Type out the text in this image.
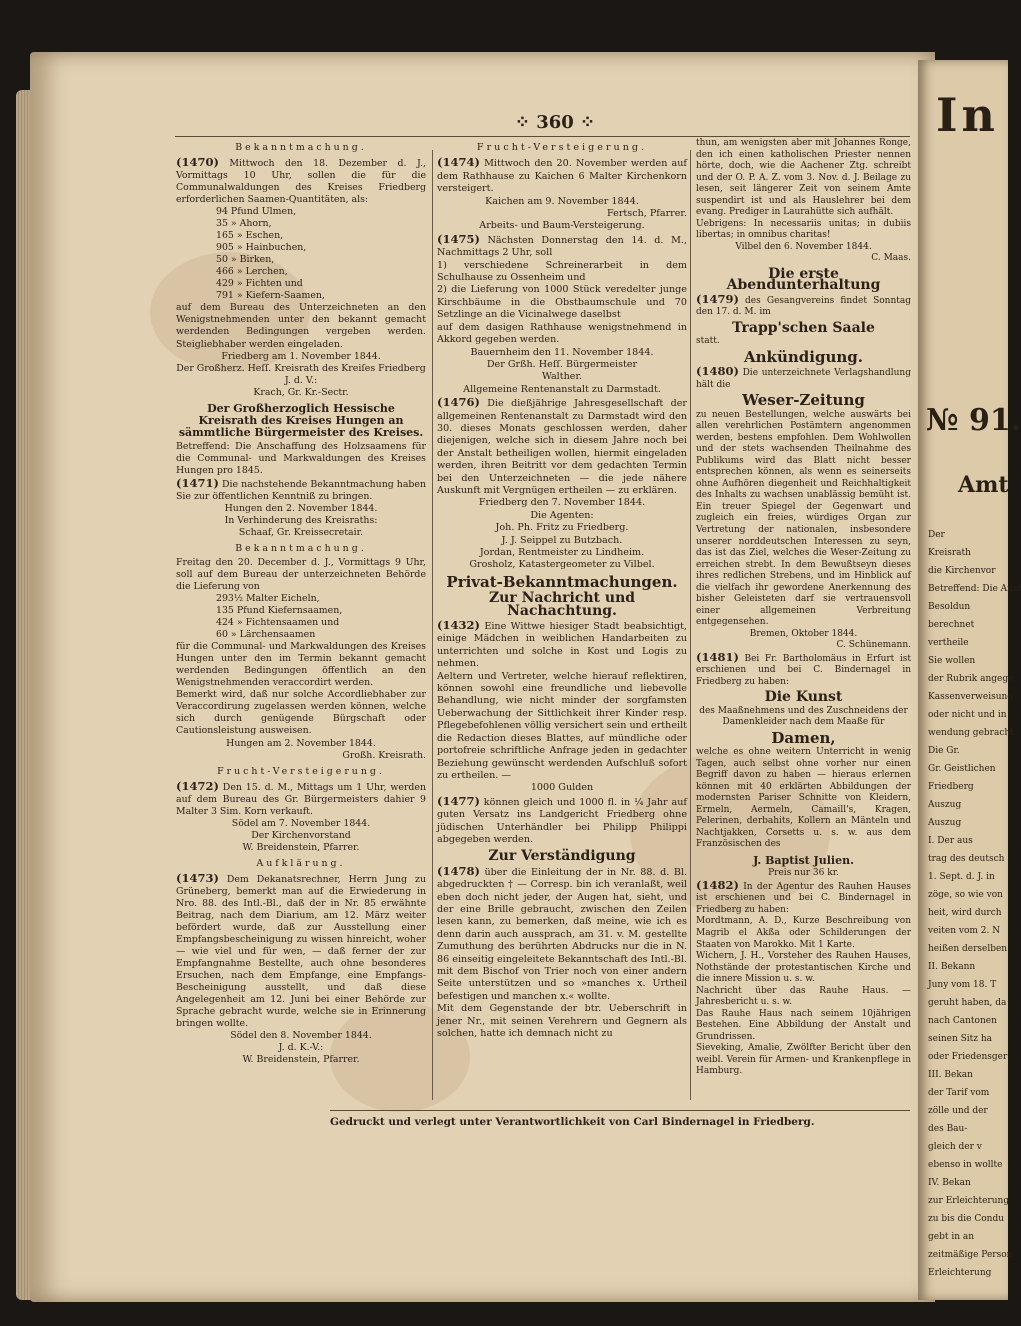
In
№ 91.
Amt
Der
Kreisrath
die Kirchenvor
Betreffend: Die Anst
Besoldun
berechnet
vertheile
Sie wollen
der Rubrik angege
Kassenverweisung
oder nicht und in
wendung gebracht
Die Gr.
Gr. Geistlichen
Friedberg
Auszug
Auszug
I. Der aus
trag des deutsch
1. Sept. d. J. in
zöge, so wie von
heit, wird durch
veiten vom 2. N
heißen derselben
II. Bekann
Juny vom 18. T
geruht haben, da
nach Cantonen
seinen Sitz ha
oder Friedensger
III. Bekan
der Tarif vom
zölle und der
des Bau-
gleich der v
ebenso in wollte
IV. Bekan
zur Erleichterung
zu bis die Condu
gebt in an
zeitmäßige Person
Erleichterung
⁘ 360 ⁘

Bekanntmachung.

(1470) Mittwoch den 18. Dezember d. J., Vormittags 10 Uhr, sollen die für die Communalwaldungen des Kreises Friedberg erforderlichen Saamen-Quantitäten, als:

94 Pfund Ulmen,

35 » Ahorn,

165 » Eschen,

905 » Hainbuchen,

50 » Birken,

466 » Lerchen,

429 » Fichten und

791 » Kiefern-Saamen,

auf dem Bureau des Unterzeichneten an den Wenigstnehmenden unter den bekannt gemacht werdenden Bedingungen vergeben werden. Steigliebhaber werden eingeladen.

Friedberg am 1. November 1844.

Der Großherz. Heſſ. Kreisrath des Kreiſes Friedberg

J. d. V.:

Krach, Gr. Kr.-Sectr.

Der Großherzoglich Hessische Kreisrath des Kreises Hungen an sämmtliche Bürgermeister des Kreises.

Betreffend: Die Anschaffung des Holzsaamens für die Communal- und Markwaldungen des Kreises Hungen pro 1845.

(1471) Die nachstehende Bekanntmachung haben Sie zur öffentlichen Kenntniß zu bringen.

Hungen den 2. November 1844.

In Verhinderung des Kreisraths:

Schaaf, Gr. Kreissecretair.

Bekanntmachung.

Freitag den 20. December d. J., Vormittags 9 Uhr, soll auf dem Bureau der unterzeichneten Behörde die Lieferung von

293½ Malter Eicheln,

135 Pfund Kiefernsaamen,

424 » Fichtensaamen und

60 » Lärchensaamen

für die Communal- und Markwaldungen des Kreises Hungen unter den im Termin bekannt gemacht werdenden Bedingungen öffentlich an den Wenigstnehmenden veraccordirt werden.

Bemerkt wird, daß nur solche Accordliebhaber zur Veraccordirung zugelassen werden können, welche sich durch genügende Bürgschaft oder Cautionsleistung ausweisen.

Hungen am 2. November 1844.

Großh. Kreisrath.

Frucht-Versteigerung.

(1472) Den 15. d. M., Mittags um 1 Uhr, werden auf dem Bureau des Gr. Bürgermeisters dahier 9 Malter 3 Sim. Korn verkauft.

Södel am 7. November 1844.

Der Kirchenvorstand

W. Breidenstein, Pfarrer.

Aufklärung.

(1473) Dem Dekanatsrechner, Herrn Jung zu Grüneberg, bemerkt man auf die Erwiederung in Nro. 88. des Intl.-Bl., daß der in Nr. 85 erwähnte Beitrag, nach dem Diarium, am 12. März weiter befördert wurde, daß zur Ausstellung einer Empfangsbescheinigung zu wissen hinreicht, woher — wie viel und für wen, — daß ferner der zur Empfangnahme Bestellte, auch ohne besonderes Ersuchen, nach dem Empfange, eine Empfangs-Bescheinigung ausstellt, und daß diese Angelegenheit am 12. Juni bei einer Behörde zur Sprache gebracht wurde, welche sie in Erinnerung bringen wollte.

Södel den 8. November 1844.

J. d. K.-V.:

W. Breidenstein, Pfarrer.

Frucht-Versteigerung.

(1474) Mittwoch den 20. November werden auf dem Rathhause zu Kaichen 6 Malter Kirchenkorn versteigert.

Kaichen am 9. November 1844.

Fertsch, Pfarrer.

Arbeits- und Baum-Versteigerung.

(1475) Nächsten Donnerstag den 14. d. M., Nachmittags 2 Uhr, soll

1) verschiedene Schreinerarbeit in dem Schulhause zu Ossenheim und

2) die Lieferung von 1000 Stück veredelter junge Kirschbäume in die Obstbaumschule und 70 Setzlinge an die Vicinalwege daselbst

auf dem dasigen Rathhause wenigstnehmend in Akkord gegeben werden.

Bauernheim den 11. November 1844.

Der Grßh. Heſſ. Bürgermeister

Walther.

Allgemeine Rentenanstalt zu Darmstadt.

(1476) Die dießjährige Jahresgesellschaft der allgemeinen Rentenanstalt zu Darmstadt wird den 30. dieses Monats geschlossen werden, daher diejenigen, welche sich in diesem Jahre noch bei der Anstalt betheiligen wollen, hiermit eingeladen werden, ihren Beitritt vor dem gedachten Termin bei den Unterzeichneten — die jede nähere Auskunft mit Vergnügen ertheilen — zu erklären.

Friedberg den 7. November 1844.

Die Agenten:

Joh. Ph. Fritz zu Friedberg.

J. J. Seippel zu Butzbach.

Jordan, Rentmeister zu Lindheim.

Grosholz, Katastergeometer zu Vilbel.

Privat-Bekanntmachungen.

Zur Nachricht und Nachachtung.

(1432) Eine Wittwe hiesiger Stadt beabsichtigt, einige Mädchen in weiblichen Handarbeiten zu unterrichten und solche in Kost und Logis zu nehmen.

Aeltern und Vertreter, welche hierauf reflektiren, können sowohl eine freundliche und liebevolle Behandlung, wie nicht minder der sorgfamsten Ueberwachung der Sittlichkeit ihrer Kinder resp. Pflegebefohlenen völlig versichert sein und ertheilt die Redaction dieses Blattes, auf mündliche oder portofreie schriftliche Anfrage jeden in gedachter Beziehung gewünscht werdenden Aufschluß sofort zu ertheilen. —

1000 Gulden

(1477) können gleich und 1000 fl. in ¼ Jahr auf guten Versatz ins Landgericht Friedberg ohne jüdischen Unterhändler bei Philipp Philippi abgegeben werden.

Zur Verständigung

(1478) über die Einleitung der in Nr. 88. d. Bl. abgedruckten † — Corresp. bin ich veranlaßt, weil eben doch nicht jeder, der Augen hat, sieht, und der eine Brille gebraucht, zwischen den Zeilen lesen kann, zu bemerken, daß meine, wie ich es denn darin auch aussprach, am 31. v. M. gestellte Zumuthung des berührten Abdrucks nur die in N. 86 einseitig eingeleitete Bekanntschaft des Intl.-Bl. mit dem Bischof von Trier noch von einer andern Seite unterstützen und so »manches x. Urtheil befestigen und manchen x.« wollte.

Mit dem Gegenstande der btr. Ueberschrift in jener Nr., mit seinen Verehrern und Gegnern als solchen, hatte ich demnach nicht zu

thun, am wenigsten aber mit Johannes Ronge, den ich einen katholischen Priester nennen hörte, doch, wie die Aachener Ztg. schreibt und der O. P. A. Z. vom 3. Nov. d. J. Beilage zu lesen, seit längerer Zeit von seinem Amte suspendirt ist und als Hauslehrer bei dem evang. Prediger in Laurahütte sich aufhält.

Uebrigens: In necessariis unitas; in dubiis libertas; in omnibus charitas!

Vilbel den 6. November 1844.

C. Maas.

Die erste Abendunterhaltung

(1479) des Gesangvereins findet Sonntag den 17. d. M. im

Trapp'schen Saale

statt.

Ankündigung.

(1480) Die unterzeichnete Verlagshandlung hält die

Weser-Zeitung

zu neuen Bestellungen, welche auswärts bei allen verehrlichen Postämtern angenommen werden, bestens empfohlen. Dem Wohlwollen und der stets wachsenden Theilnahme des Publikums wird das Blatt nicht besser entsprechen können, als wenn es seinerseits ohne Aufhören diegenheit und Reichhaltigkeit des Inhalts zu wachsen unablässig bemüht ist. Ein treuer Spiegel der Gegenwart und zugleich ein freies, würdiges Organ zur Vertretung der nationalen, insbesondere unserer norddeutschen Interessen zu seyn, das ist das Ziel, welches die Weser-Zeitung zu erreichen strebt. In dem Bewußtseyn dieses ihres redlichen Strebens, und im Hinblick auf die vielfach ihr gewordene Anerkennung des bisher Geleisteten darf sie vertrauensvoll einer allgemeinen Verbreitung entgegensehen.

Bremen, Oktober 1844.

C. Schünemann.

(1481) Bei Fr. Bartholomäus in Erfurt ist erschienen und bei C. Bindernagel in Friedberg zu haben:

Die Kunst

des Maaßnehmens und des Zuschneidens der Damenkleider nach dem Maaße für

Damen,

welche es ohne weitern Unterricht in wenig Tagen, auch selbst ohne vorher nur einen Begriff davon zu haben — hieraus erlernen können mit 40 erklärten Abbildungen der modernsten Pariser Schnitte von Kleidern, Ermeln, Aermeln, Camaill's, Kragen, Pelerinen, derbahits, Kollern an Mänteln und Nachtjakken, Corsetts u. s. w. aus dem Französischen des

J. Baptist Julien.

Preis nur 36 kr.

(1482) In der Agentur des Rauhen Hauses ist erschienen und bei C. Bindernagel in Friedberg zu haben:

Mordtmann, A. D., Kurze Beschreibung von Magrib el Akßa oder Schilderungen der Staaten von Marokko. Mit 1 Karte.

Wichern, J. H., Vorsteher des Rauhen Hauses, Nothstände der protestantischen Kirche und die innere Mission u. s. w.

Nachricht über das Rauhe Haus. — Jahresbericht u. s. w.

Das Rauhe Haus nach seinem 10jährigen Bestehen. Eine Abbildung der Anstalt und Grundrissen.

Sieveking, Amalie, Zwölfter Bericht über den weibl. Verein für Armen- und Krankenpflege in Hamburg.

Gedruckt und verlegt unter Verantwortlichkeit von Carl Bindernagel in Friedberg.
